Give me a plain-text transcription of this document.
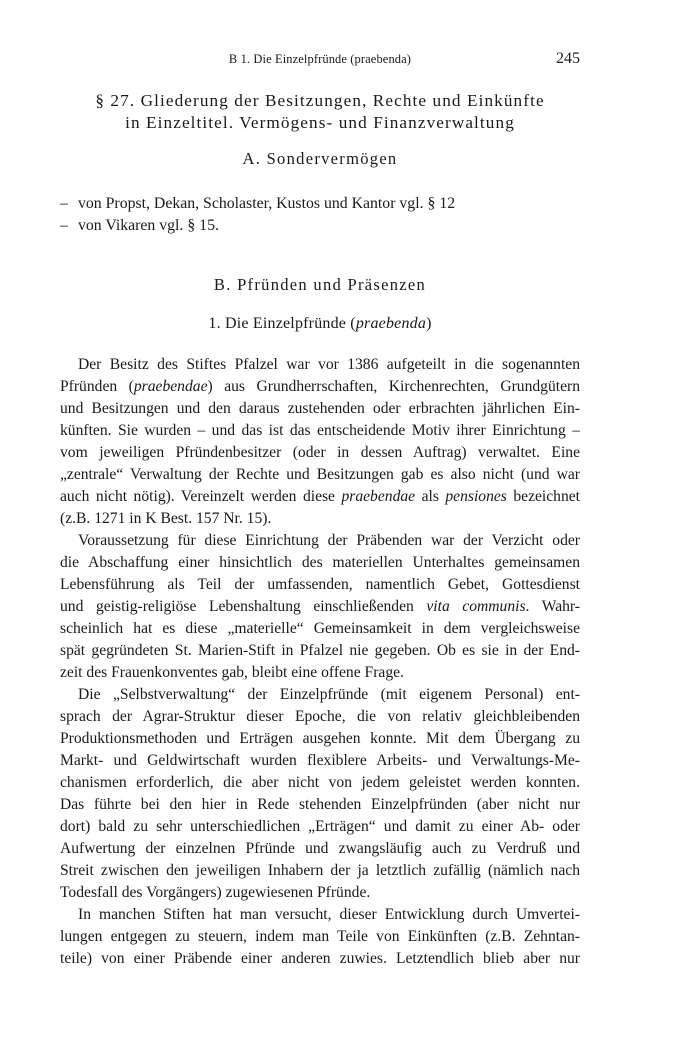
B 1. Die Einzelpfründe (praebenda)	245
§ 27. Gliederung der Besitzungen, Rechte und Einkünfte
in Einzeltitel. Vermögens- und Finanzverwaltung
A. Sondervermögen
– von Propst, Dekan, Scholaster, Kustos und Kantor vgl. § 12
– von Vikaren vgl. § 15.
B. Pfründen und Präsenzen
1. Die Einzelpfründe (praebenda)
Der Besitz des Stiftes Pfalzel war vor 1386 aufgeteilt in die sogenannten
Pfründen (praebendae) aus Grundherrschaften, Kirchenrechten, Grundgütern
und Besitzungen und den daraus zustehenden oder erbrachten jährlichen Ein-
künften. Sie wurden – und das ist das entscheidende Motiv ihrer Einrichtung –
vom jeweiligen Pfründenbesitzer (oder in dessen Auftrag) verwaltet. Eine
„zentrale“ Verwaltung der Rechte und Besitzungen gab es also nicht (und war
auch nicht nötig). Vereinzelt werden diese praebendae als pensiones bezeichnet
(z.B. 1271 in K Best. 157 Nr. 15).
Voraussetzung für diese Einrichtung der Präbenden war der Verzicht oder
die Abschaffung einer hinsichtlich des materiellen Unterhaltes gemeinsamen
Lebensführung als Teil der umfassenden, namentlich Gebet, Gottesdienst
und geistig-religiöse Lebenshaltung einschließenden vita communis. Wahr-
scheinlich hat es diese „materielle“ Gemeinsamkeit in dem vergleichsweise
spät gegründeten St. Marien-Stift in Pfalzel nie gegeben. Ob es sie in der End-
zeit des Frauenkonventes gab, bleibt eine offene Frage.
Die „Selbstverwaltung“ der Einzelpfründe (mit eigenem Personal) ent-
sprach der Agrar-Struktur dieser Epoche, die von relativ gleichbleibenden
Produktionsmethoden und Erträgen ausgehen konnte. Mit dem Übergang zu
Markt- und Geldwirtschaft wurden flexiblere Arbeits- und Verwaltungs-Me-
chanismen erforderlich, die aber nicht von jedem geleistet werden konnten.
Das führte bei den hier in Rede stehenden Einzelpfründen (aber nicht nur
dort) bald zu sehr unterschiedlichen „Erträgen“ und damit zu einer Ab- oder
Aufwertung der einzelnen Pfründe und zwangsläufig auch zu Verdruß und
Streit zwischen den jeweiligen Inhabern der ja letztlich zufällig (nämlich nach
Todesfall des Vorgängers) zugewiesenen Pfründe.
In manchen Stiften hat man versucht, dieser Entwicklung durch Umvertei-
lungen entgegen zu steuern, indem man Teile von Einkünften (z.B. Zehntan-
teile) von einer Präbende einer anderen zuwies. Letztendlich blieb aber nur
